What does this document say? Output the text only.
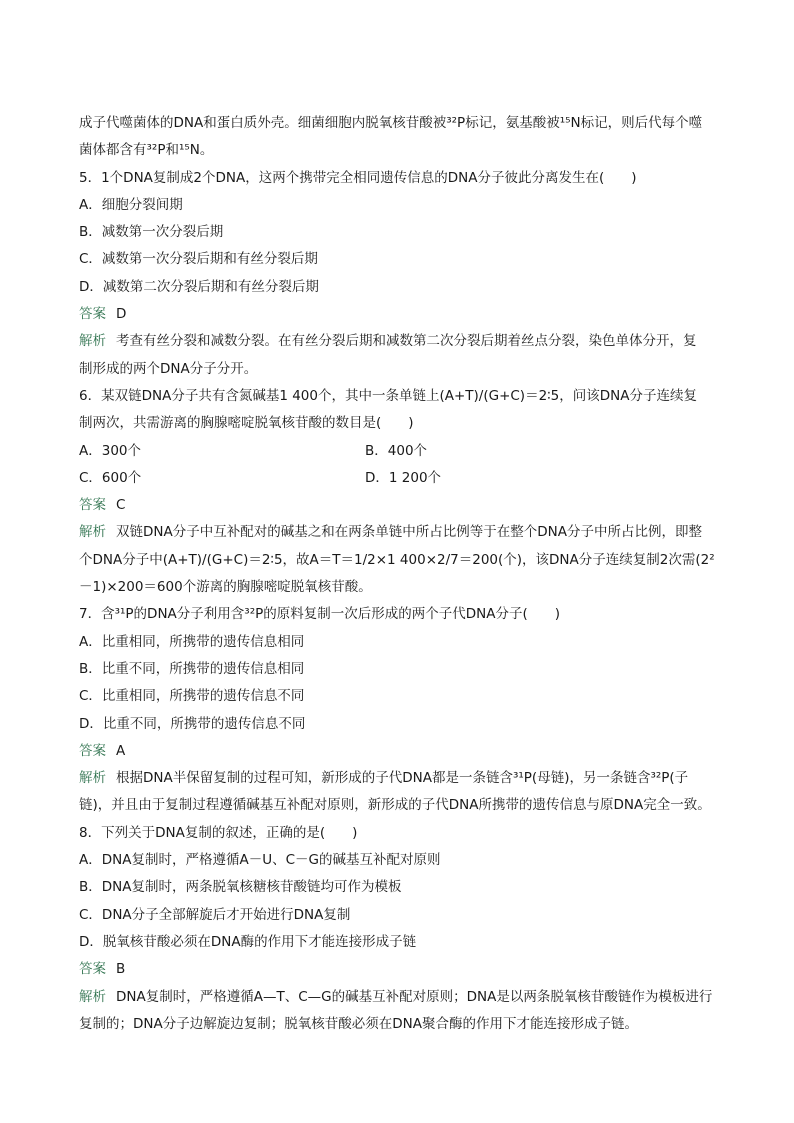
成子代噬菌体的DNA和蛋白质外壳。细菌细胞内脱氧核苷酸被³²P标记，氨基酸被¹⁵N标记，则后代每个噬
菌体都含有³²P和¹⁵N。
5．1个DNA复制成2个DNA，这两个携带完全相同遗传信息的DNA分子彼此分离发生在(　　)
A．细胞分裂间期
B．减数第一次分裂后期
C．减数第一次分裂后期和有丝分裂后期
D．减数第二次分裂后期和有丝分裂后期
答案 D
解析 考查有丝分裂和减数分裂。在有丝分裂后期和减数第二次分裂后期着丝点分裂，染色单体分开，复
制形成的两个DNA分子分开。
6．某双链DNA分子共有含氮碱基1 400个，其中一条单链上(A+T)/(G+C)＝2∶5，问该DNA分子连续复
制两次，共需游离的胸腺嘧啶脱氧核苷酸的数目是(　　)
A．300个	B．400个
C．600个	D．1 200个
答案 C
解析 双链DNA分子中互补配对的碱基之和在两条单链中所占比例等于在整个DNA分子中所占比例，即整
个DNA分子中(A+T)/(G+C)＝2∶5，故A＝T＝1/2×1 400×2/7＝200(个)，该DNA分子连续复制2次需(2²
－1)×200＝600个游离的胸腺嘧啶脱氧核苷酸。
7．含³¹P的DNA分子利用含³²P的原料复制一次后形成的两个子代DNA分子(　　)
A．比重相同，所携带的遗传信息相同
B．比重不同，所携带的遗传信息相同
C．比重相同，所携带的遗传信息不同
D．比重不同，所携带的遗传信息不同
答案 A
解析 根据DNA半保留复制的过程可知，新形成的子代DNA都是一条链含³¹P(母链)，另一条链含³²P(子
链)，并且由于复制过程遵循碱基互补配对原则，新形成的子代DNA所携带的遗传信息与原DNA完全一致。
8．下列关于DNA复制的叙述，正确的是(　　)
A．DNA复制时，严格遵循A－U、C－G的碱基互补配对原则
B．DNA复制时，两条脱氧核糖核苷酸链均可作为模板
C．DNA分子全部解旋后才开始进行DNA复制
D．脱氧核苷酸必须在DNA酶的作用下才能连接形成子链
答案 B
解析 DNA复制时，严格遵循A—T、C—G的碱基互补配对原则；DNA是以两条脱氧核苷酸链作为模板进行
复制的；DNA分子边解旋边复制；脱氧核苷酸必须在DNA聚合酶的作用下才能连接形成子链。
